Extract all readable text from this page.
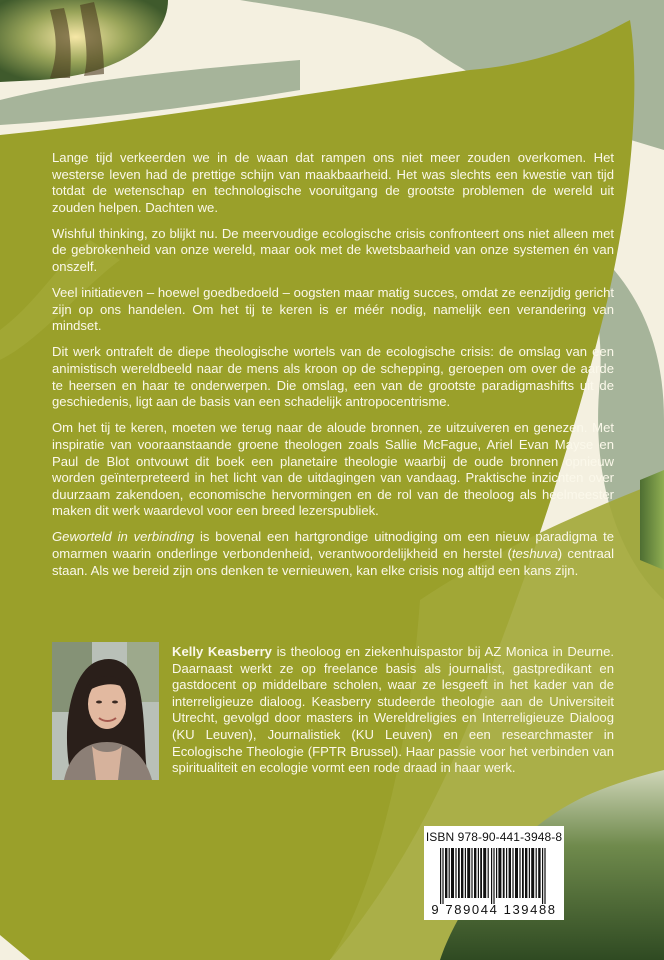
Lange tijd verkeerden we in de waan dat rampen ons niet meer zouden overkomen. Het westerse leven had de prettige schijn van maakbaarheid. Het was slechts een kwestie van tijd totdat de wetenschap en technologische vooruitgang de grootste problemen de wereld uit zouden helpen. Dachten we.

Wishful thinking, zo blijkt nu. De meervoudige ecologische crisis confronteert ons niet alleen met de gebrokenheid van onze wereld, maar ook met de kwetsbaarheid van onze systemen én van onszelf.

Veel initiatieven – hoewel goedbedoeld – oogsten maar matig succes, omdat ze eenzijdig gericht zijn op ons handelen. Om het tij te keren is er méér nodig, namelijk een verandering van mindset.

Dit werk ontrafelt de diepe theologische wortels van de ecologische crisis: de omslag van een animistisch wereldbeeld naar de mens als kroon op de schepping, geroepen om over de aarde te heersen en haar te onderwerpen. Die omslag, een van de grootste paradigmashifts uit de geschiedenis, ligt aan de basis van een schadelijk antropocentrisme.

Om het tij te keren, moeten we terug naar de aloude bronnen, ze uitzuiveren en genezen. Met inspiratie van vooraanstaande groene theologen zoals Sallie McFague, Ariel Evan Mayse en Paul de Blot ontvouwt dit boek een planetaire theologie waarbij de oude bronnen opnieuw worden geïnterpreteerd in het licht van de uitdagingen van vandaag. Praktische inzichten over duurzaam zakendoen, economische hervormingen en de rol van de theoloog als heelmeester maken dit werk waardevol voor een breed lezerspubliek.

Geworteld in verbinding is bovenal een hartgrondige uitnodiging om een nieuw paradigma te omarmen waarin onderlinge verbondenheid, verantwoordelijkheid en herstel (teshuva) centraal staan. Als we bereid zijn ons denken te vernieuwen, kan elke crisis nog altijd een kans zijn.

Kelly Keasberry is theoloog en ziekenhuispastor bij AZ Monica in Deurne. Daarnaast werkt ze op freelance basis als journalist, gastpredikant en gastdocent op middelbare scholen, waar ze lesgeeft in het kader van de interreligieuze dialoog. Keasberry studeerde theologie aan de Universiteit Utrecht, gevolgd door masters in Wereldreligies en Interreligieuze Dialoog (KU Leuven), Journalistiek (KU Leuven) en een researchmaster in Ecologische Theologie (FPTR Brussel). Haar passie voor het verbinden van spiritualiteit en ecologie vormt een rode draad in haar werk.
ISBN 978-90-441-3948-8
9 789044 139488
